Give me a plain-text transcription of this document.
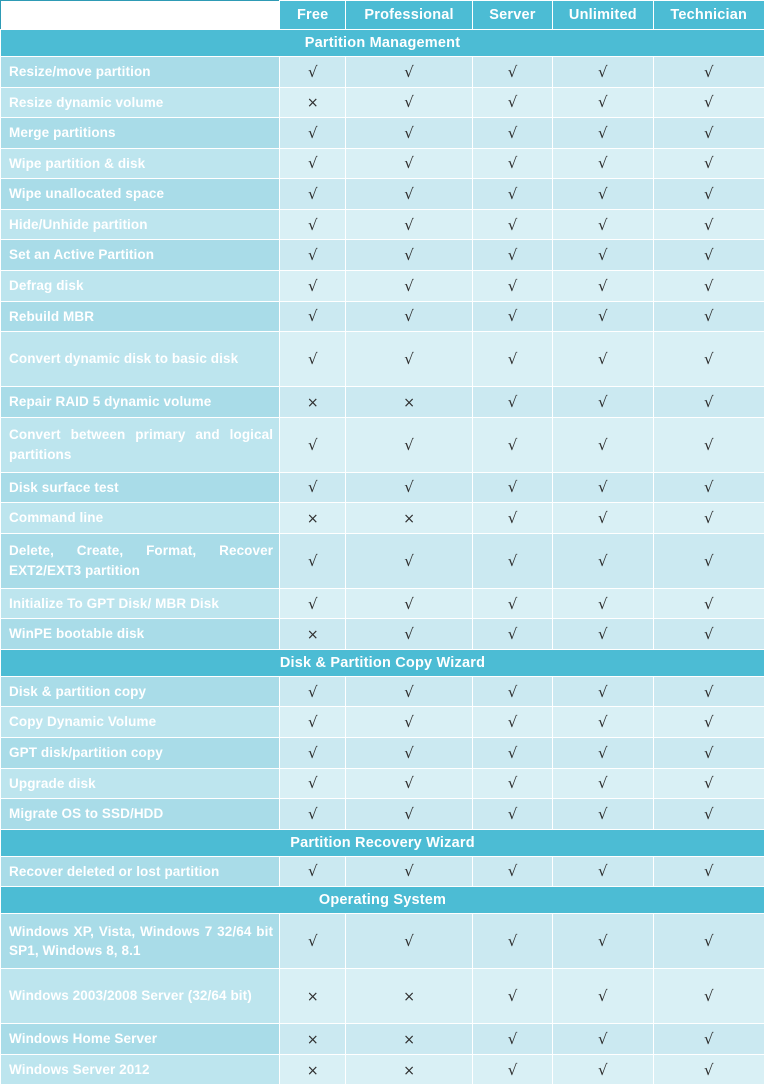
	Free	Professional	Server	Unlimited	Technician
Partition Management					
Resize/move partition	√	√	√	√	√
Resize dynamic volume	×	√	√	√	√
Merge partitions	√	√	√	√	√
Wipe partition & disk	√	√	√	√	√
Wipe unallocated space	√	√	√	√	√
Hide/Unhide partition	√	√	√	√	√
Set an Active Partition	√	√	√	√	√
Defrag disk	√	√	√	√	√
Rebuild MBR	√	√	√	√	√
Convert dynamic disk to basic disk	√	√	√	√	√
Repair RAID 5 dynamic volume	×	×	√	√	√
Convert between primary and logical partitions	√	√	√	√	√
Disk surface test	√	√	√	√	√
Command line	×	×	√	√	√
Delete, Create, Format, Recover EXT2/EXT3 partition	√	√	√	√	√
Initialize To GPT Disk/ MBR Disk	√	√	√	√	√
WinPE bootable disk	×	√	√	√	√
Disk & Partition Copy Wizard					
Disk & partition copy	√	√	√	√	√
Copy Dynamic Volume	√	√	√	√	√
GPT disk/partition copy	√	√	√	√	√
Upgrade disk	√	√	√	√	√
Migrate OS to SSD/HDD	√	√	√	√	√
Partition Recovery Wizard					
Recover deleted or lost partition	√	√	√	√	√
Operating System					
Windows XP, Vista, Windows 7 32/64 bit SP1, Windows 8, 8.1	√	√	√	√	√
Windows 2003/2008 Server (32/64 bit)	×	×	√	√	√
Windows Home Server	×	×	√	√	√
Windows Server 2012	×	×	√	√	√
